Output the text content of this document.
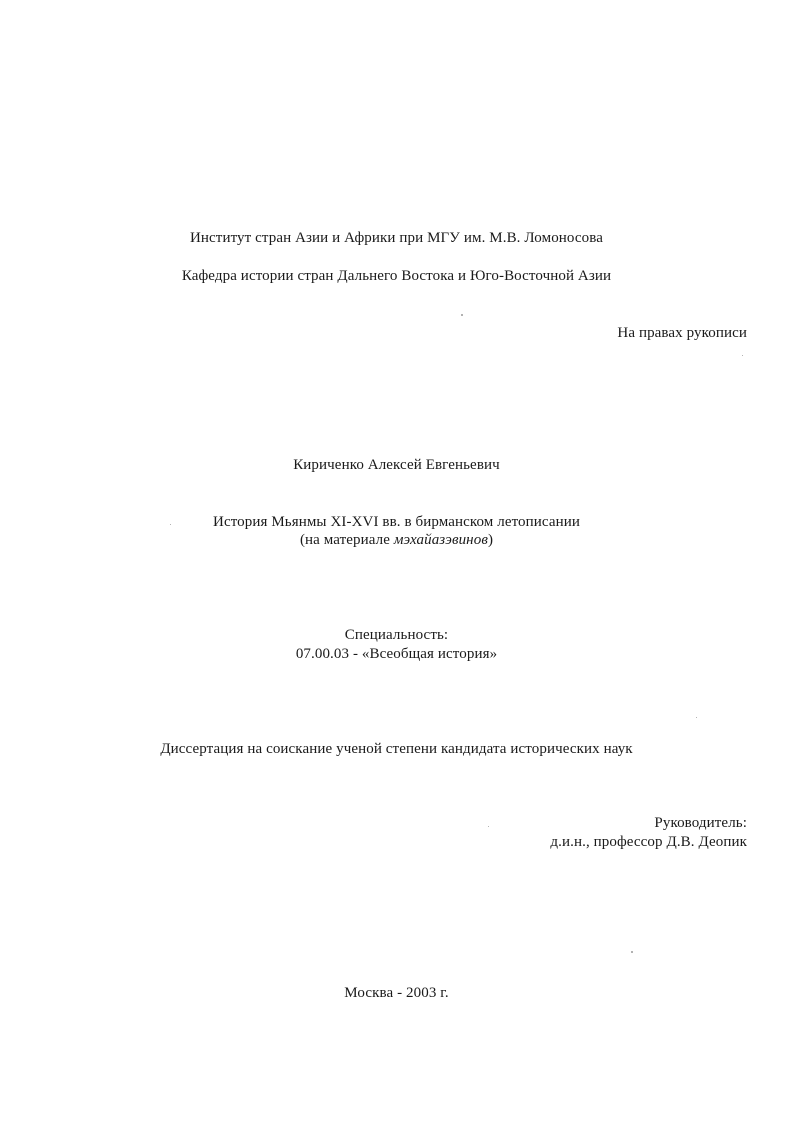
Институт стран Азии и Африки при МГУ им. М.В. Ломоносова
Кафедра истории стран Дальнего Востока и Юго-Восточной Азии
На правах рукописи
Кириченко Алексей Евгеньевич
История Мьянмы XI-XVI вв. в бирманском летописании
(на материале мэхайазэвинов)
Специальность:
07.00.03 - «Всеобщая история»
Диссертация на соискание ученой степени кандидата исторических наук
Руководитель:
д.и.н., профессор Д.В. Деопик
Москва - 2003 г.
